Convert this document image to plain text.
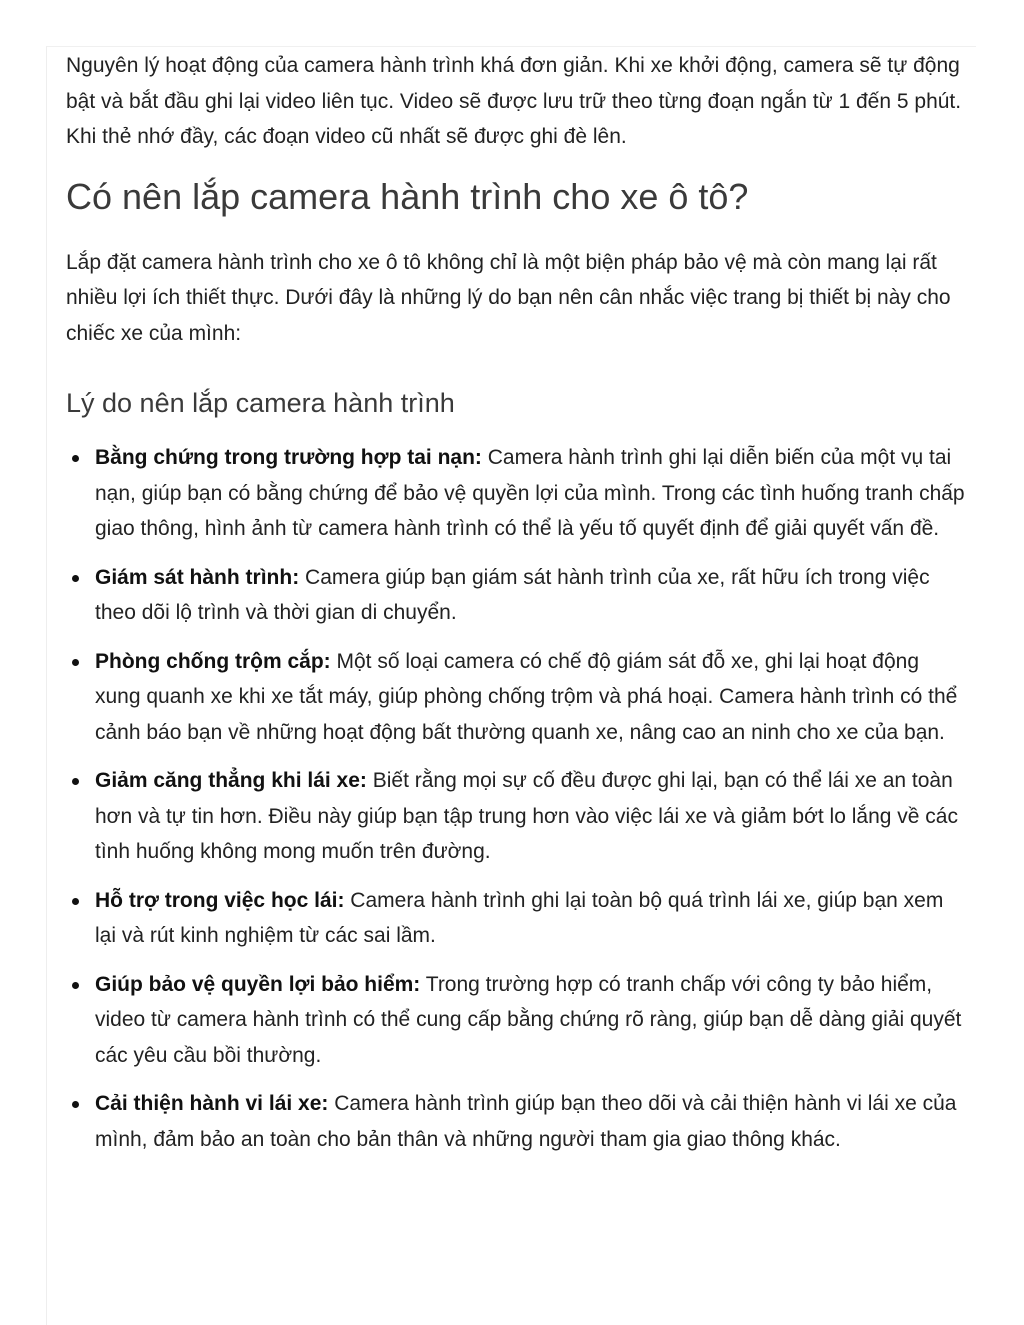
Nguyên lý hoạt động của camera hành trình khá đơn giản. Khi xe khởi động, camera sẽ tự động bật và bắt đầu ghi lại video liên tục. Video sẽ được lưu trữ theo từng đoạn ngắn từ 1 đến 5 phút. Khi thẻ nhớ đầy, các đoạn video cũ nhất sẽ được ghi đè lên.

Có nên lắp camera hành trình cho xe ô tô?

Lắp đặt camera hành trình cho xe ô tô không chỉ là một biện pháp bảo vệ mà còn mang lại rất nhiều lợi ích thiết thực. Dưới đây là những lý do bạn nên cân nhắc việc trang bị thiết bị này cho chiếc xe của mình:

Lý do nên lắp camera hành trình
Bằng chứng trong trường hợp tai nạn: Camera hành trình ghi lại diễn biến của một vụ tai nạn, giúp bạn có bằng chứng để bảo vệ quyền lợi của mình. Trong các tình huống tranh chấp giao thông, hình ảnh từ camera hành trình có thể là yếu tố quyết định để giải quyết vấn đề.
Giám sát hành trình: Camera giúp bạn giám sát hành trình của xe, rất hữu ích trong việc theo dõi lộ trình và thời gian di chuyển.
Phòng chống trộm cắp: Một số loại camera có chế độ giám sát đỗ xe, ghi lại hoạt động xung quanh xe khi xe tắt máy, giúp phòng chống trộm và phá hoại. Camera hành trình có thể cảnh báo bạn về những hoạt động bất thường quanh xe, nâng cao an ninh cho xe của bạn.
Giảm căng thẳng khi lái xe: Biết rằng mọi sự cố đều được ghi lại, bạn có thể lái xe an toàn hơn và tự tin hơn. Điều này giúp bạn tập trung hơn vào việc lái xe và giảm bớt lo lắng về các tình huống không mong muốn trên đường.
Hỗ trợ trong việc học lái: Camera hành trình ghi lại toàn bộ quá trình lái xe, giúp bạn xem lại và rút kinh nghiệm từ các sai lầm.
Giúp bảo vệ quyền lợi bảo hiểm: Trong trường hợp có tranh chấp với công ty bảo hiểm, video từ camera hành trình có thể cung cấp bằng chứng rõ ràng, giúp bạn dễ dàng giải quyết các yêu cầu bồi thường.
Cải thiện hành vi lái xe: Camera hành trình giúp bạn theo dõi và cải thiện hành vi lái xe của mình, đảm bảo an toàn cho bản thân và những người tham gia giao thông khác.
